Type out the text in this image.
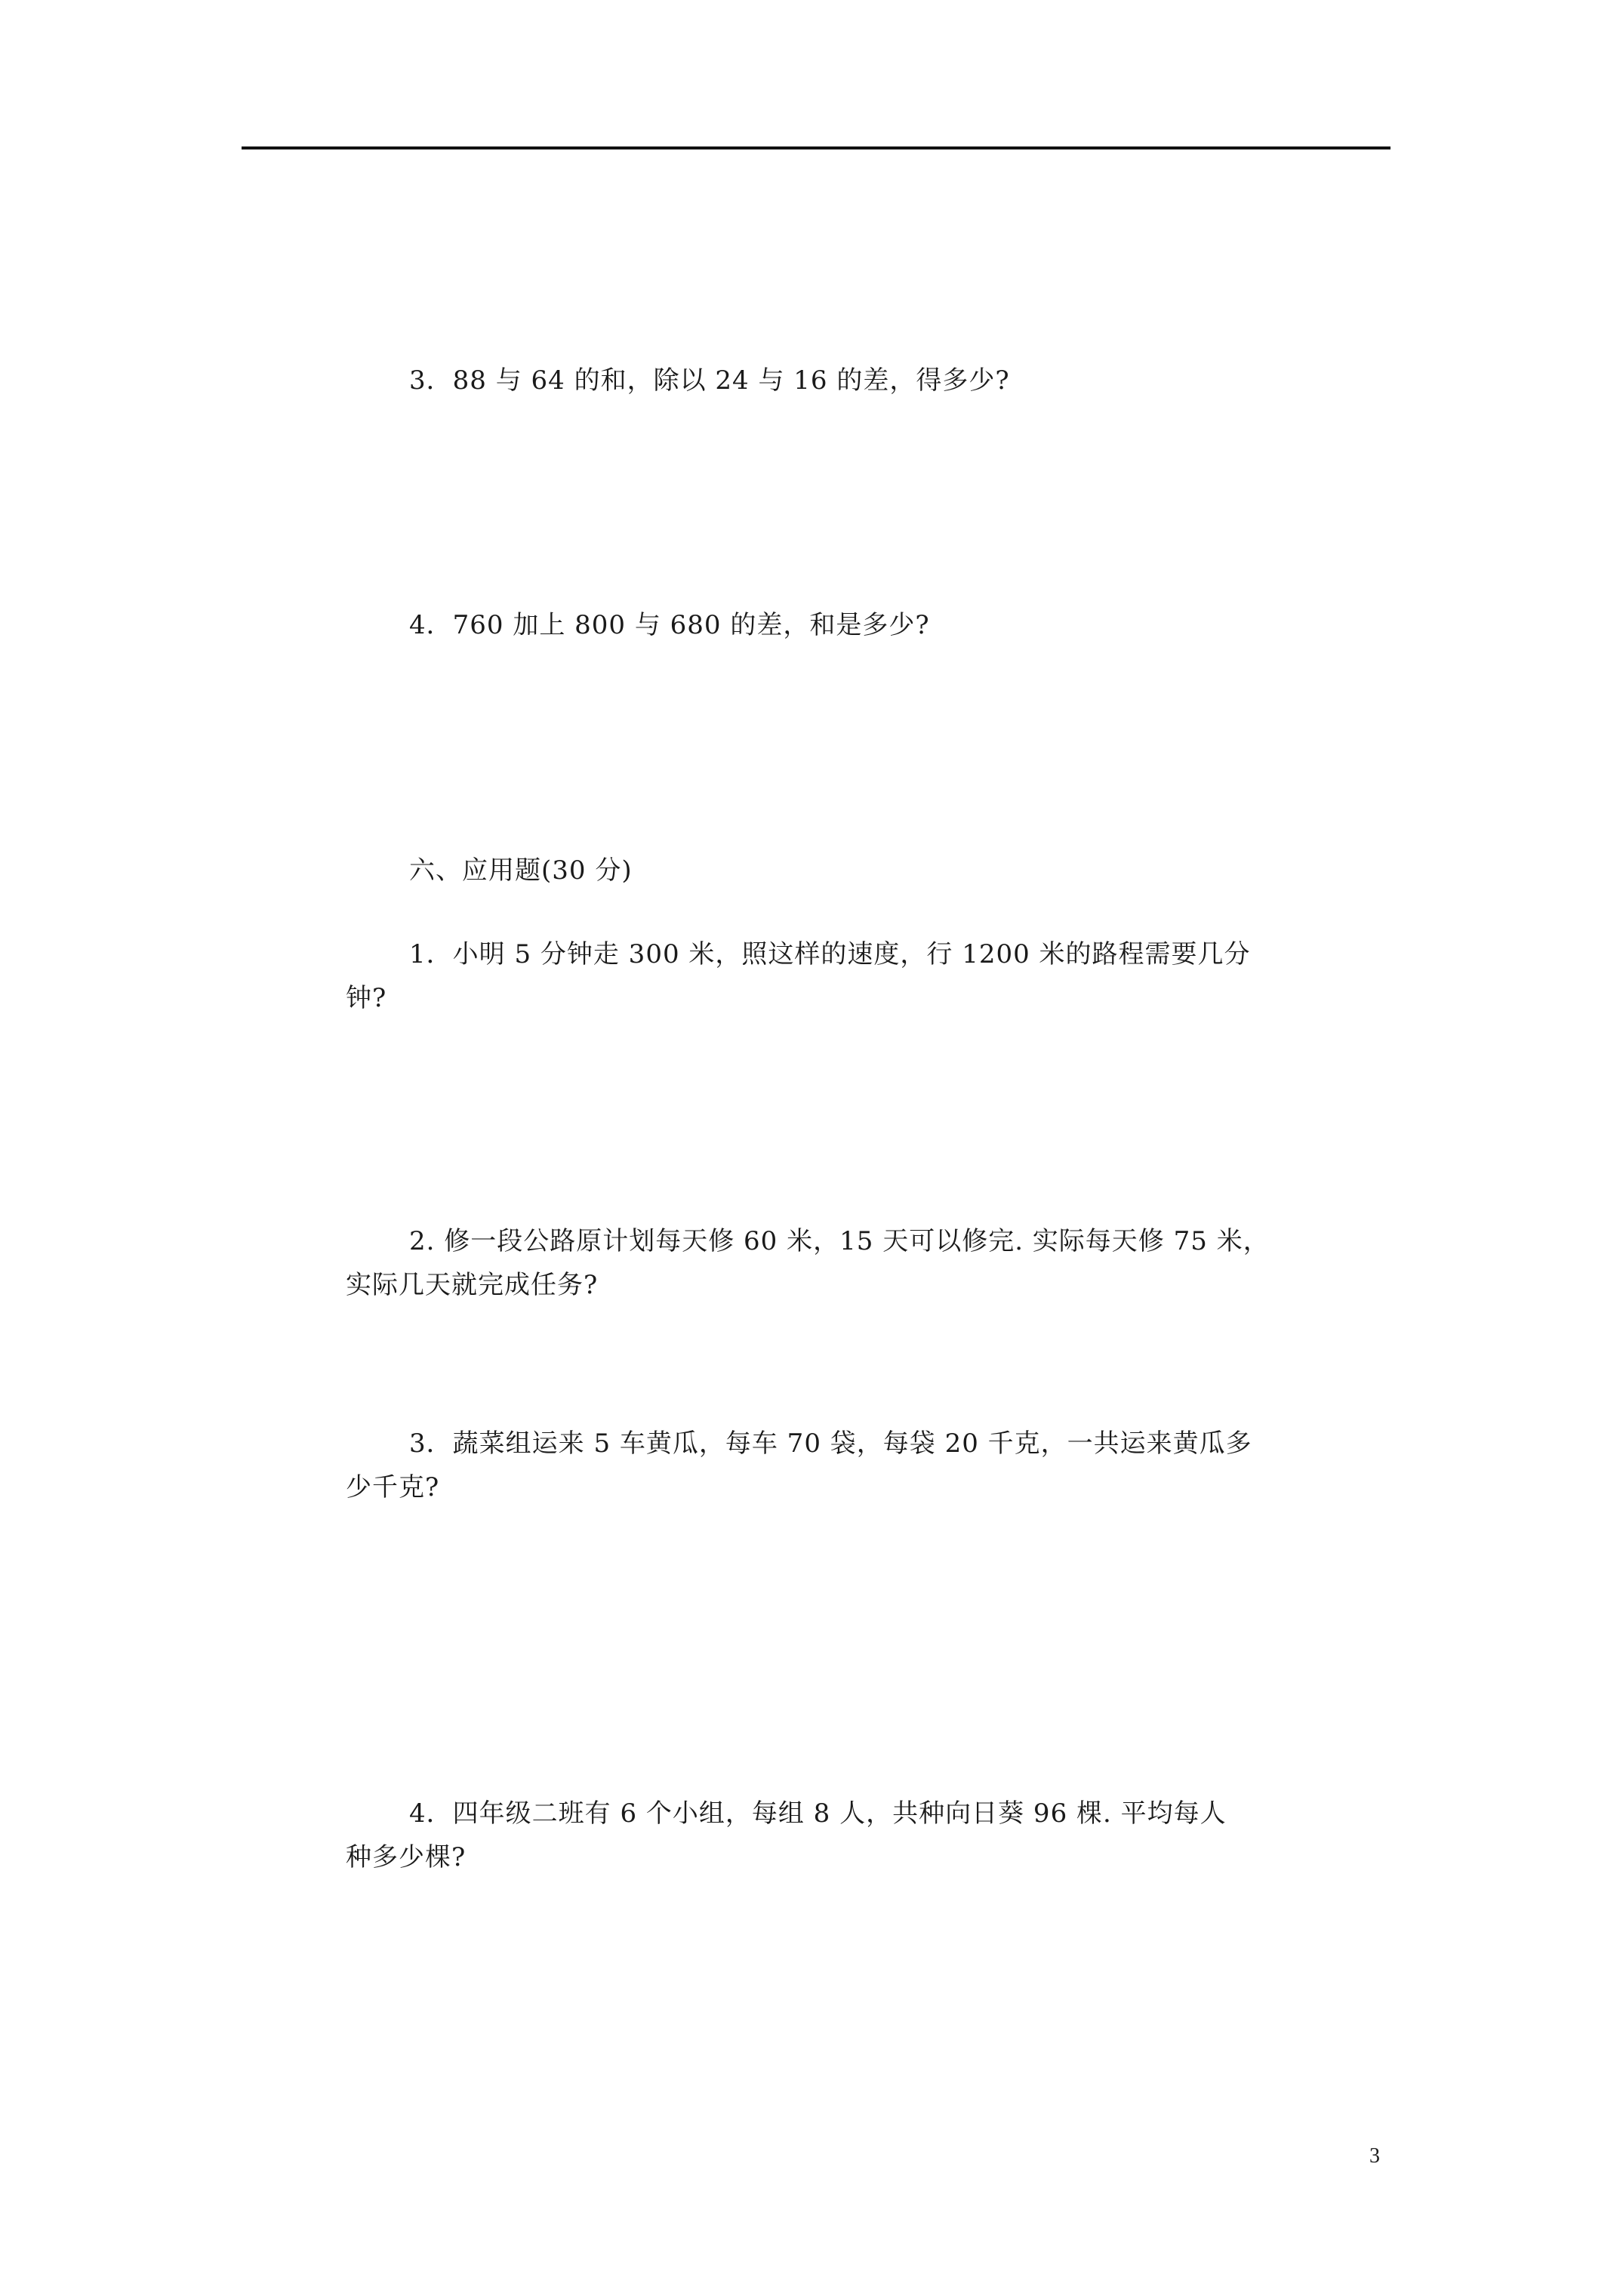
3．88 与 64 的和，除以 24 与 16 的差，得多少?
4．760 加上 800 与 680 的差，和是多少?
六、应用题(30 分)
1．小明 5 分钟走 300 米，照这样的速度，行 1200 米的路程需要几分
钟?
2. 修一段公路原计划每天修 60 米，15 天可以修完. 实际每天修 75 米，
实际几天就完成任务?
3．蔬菜组运来 5 车黄瓜，每车 70 袋，每袋 20 千克，一共运来黄瓜多
少千克?
4．四年级二班有 6 个小组，每组 8 人，共种向日葵 96 棵. 平均每人
种多少棵?
3
